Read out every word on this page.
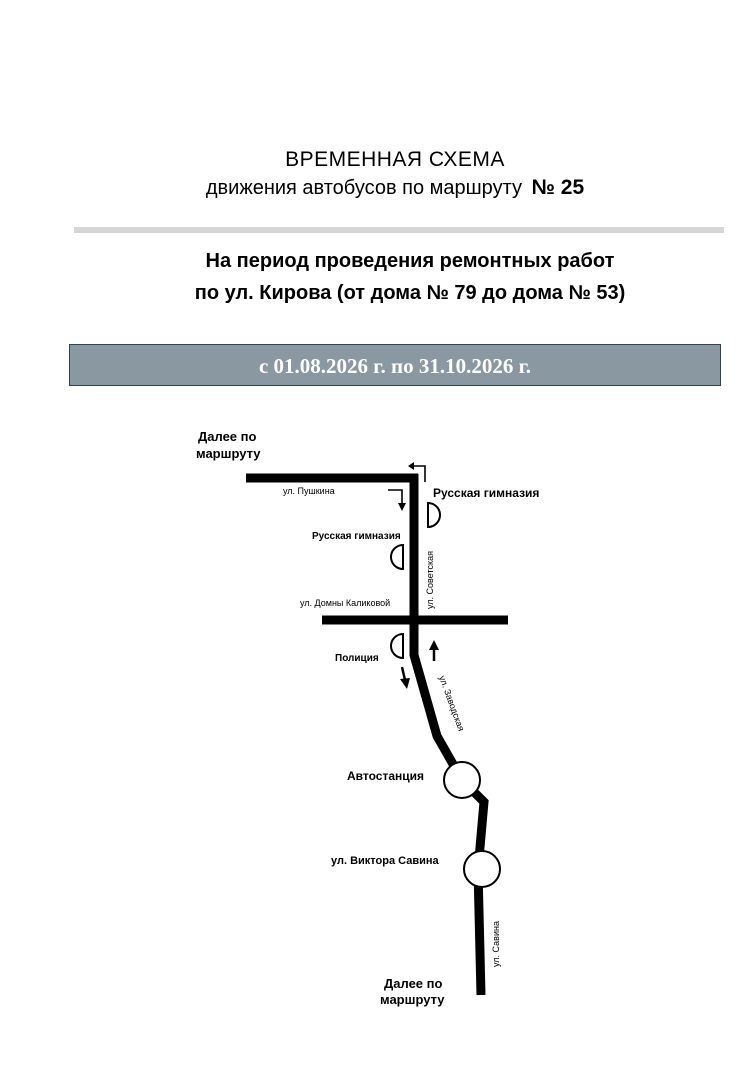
ВРЕМЕННАЯ СХЕМА
движения автобусов по маршруту № 25
На период проведения ремонтных работ
по ул. Кирова (от дома № 79 до дома № 53)
с 01.08.2026 г. по 31.10.2026 г.
Далее по
маршруту
ул. Пушкина	Русская гимназия
Русская гимназия
ул. Советская
ул. Домны Каликовой
Полиция
ул. Заводская
Автостанция
ул. Виктора Савина
ул. Савина
Далее по
маршруту
